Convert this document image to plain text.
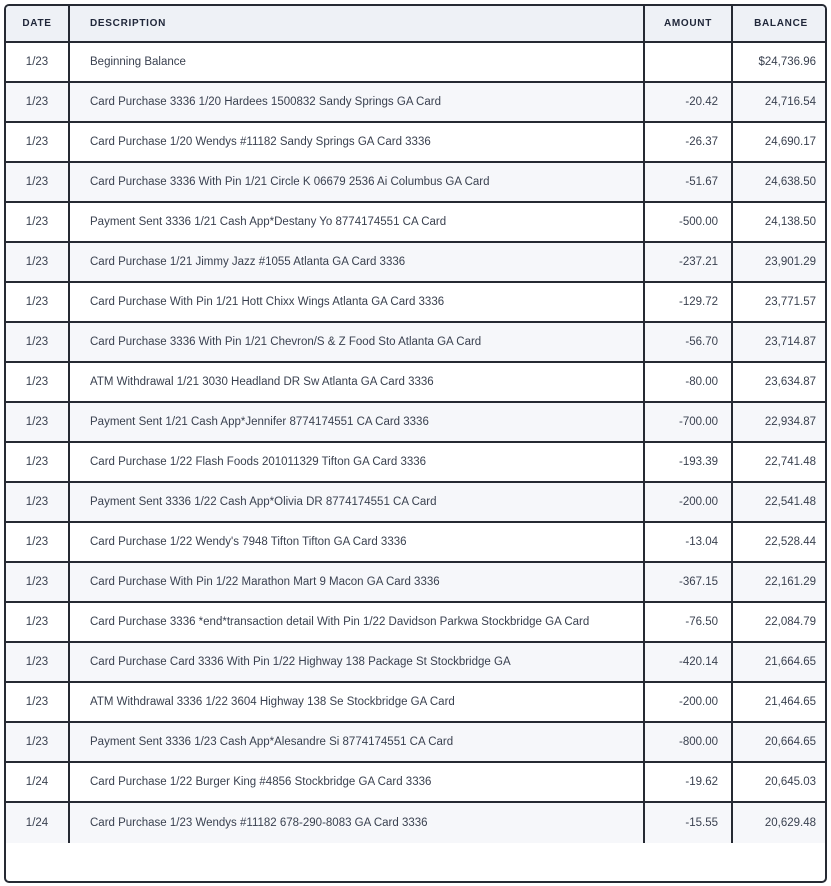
DATE	DESCRIPTION	AMOUNT	BALANCE
1/23	Beginning Balance		$24,736.96
1/23	Card Purchase 3336 1/20 Hardees 1500832 Sandy Springs GA Card	-20.42	24,716.54
1/23	Card Purchase 1/20 Wendys #11182 Sandy Springs GA Card 3336	-26.37	24,690.17
1/23	Card Purchase 3336 With Pin 1/21 Circle K 06679 2536 Ai Columbus GA Card	-51.67	24,638.50
1/23	Payment Sent 3336 1/21 Cash App*Destany Yo 8774174551 CA Card	-500.00	24,138.50
1/23	Card Purchase 1/21 Jimmy Jazz #1055 Atlanta GA Card 3336	-237.21	23,901.29
1/23	Card Purchase With Pin 1/21 Hott Chixx Wings Atlanta GA Card 3336	-129.72	23,771.57
1/23	Card Purchase 3336 With Pin 1/21 Chevron/S & Z Food Sto Atlanta GA Card	-56.70	23,714.87
1/23	ATM Withdrawal 1/21 3030 Headland DR Sw Atlanta GA Card 3336	-80.00	23,634.87
1/23	Payment Sent 1/21 Cash App*Jennifer 8774174551 CA Card 3336	-700.00	22,934.87
1/23	Card Purchase 1/22 Flash Foods 201011329 Tifton GA Card 3336	-193.39	22,741.48
1/23	Payment Sent 3336 1/22 Cash App*Olivia DR 8774174551 CA Card	-200.00	22,541.48
1/23	Card Purchase 1/22 Wendy's 7948 Tifton Tifton GA Card 3336	-13.04	22,528.44
1/23	Card Purchase With Pin 1/22 Marathon Mart 9 Macon GA Card 3336	-367.15	22,161.29
1/23	Card Purchase 3336 *end*transaction detail With Pin 1/22 Davidson Parkwa Stockbridge GA Card	-76.50	22,084.79
1/23	Card Purchase Card 3336 With Pin 1/22 Highway 138 Package St Stockbridge GA	-420.14	21,664.65
1/23	ATM Withdrawal 3336 1/22 3604 Highway 138 Se Stockbridge GA Card	-200.00	21,464.65
1/23	Payment Sent 3336 1/23 Cash App*Alesandre Si 8774174551 CA Card	-800.00	20,664.65
1/24	Card Purchase 1/22 Burger King #4856 Stockbridge GA Card 3336	-19.62	20,645.03
1/24	Card Purchase 1/23 Wendys #11182 678-290-8083 GA Card 3336	-15.55	20,629.48
